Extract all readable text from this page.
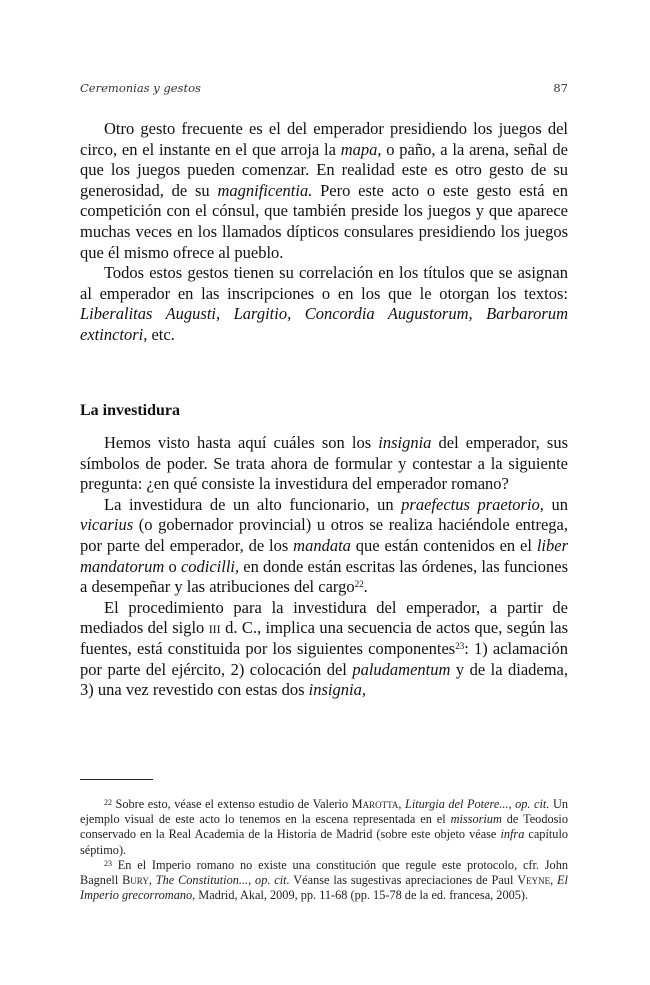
Ceremonias y gestos	87

Otro gesto frecuente es el del emperador presidiendo los juegos del circo, en el instante en el que arroja la mapa, o paño, a la arena, señal de que los juegos pueden comenzar. En realidad este es otro gesto de su generosidad, de su magnificentia. Pero este acto o este gesto está en competición con el cónsul, que también preside los juegos y que aparece muchas veces en los llamados dípticos consulares presidiendo los juegos que él mismo ofrece al pueblo.

Todos estos gestos tienen su correlación en los títulos que se asignan al emperador en las inscripciones o en los que le otorgan los textos: Liberalitas Augusti, Largitio, Concordia Augustorum, Barbarorum extinctori, etc.

La investidura

Hemos visto hasta aquí cuáles son los insignia del emperador, sus símbolos de poder. Se trata ahora de formular y contestar a la siguiente pregunta: ¿en qué consiste la investidura del emperador romano?

La investidura de un alto funcionario, un praefectus praetorio, un vicarius (o gobernador provincial) u otros se realiza haciéndole entrega, por parte del emperador, de los mandata que están contenidos en el liber mandatorum o codicilli, en donde están escritas las órdenes, las funciones a desempeñar y las atribuciones del cargo$^{22}$.

El procedimiento para la investidura del emperador, a partir de mediados del siglo iii d. C., implica una secuencia de actos que, según las fuentes, está constituida por los siguientes componentes$^{23}$: 1) aclamación por parte del ejército, 2) colocación del paludamentum y de la diadema, 3) una vez revestido con estas dos insignia,

$^{22}$ Sobre esto, véase el extenso estudio de Valerio Marotta, Liturgia del Potere..., op. cit. Un ejemplo visual de este acto lo tenemos en la escena representada en el missorium de Teodosio conservado en la Real Academia de la Historia de Madrid (sobre este objeto véase infra capítulo séptimo).

$^{23}$ En el Imperio romano no existe una constitución que regule este protocolo, cfr. John Bagnell Bury, The Constitution..., op. cit. Véanse las sugestivas apreciaciones de Paul Veyne, El Imperio grecorromano, Madrid, Akal, 2009, pp. 11-68 (pp. 15-78 de la ed. francesa, 2005).
